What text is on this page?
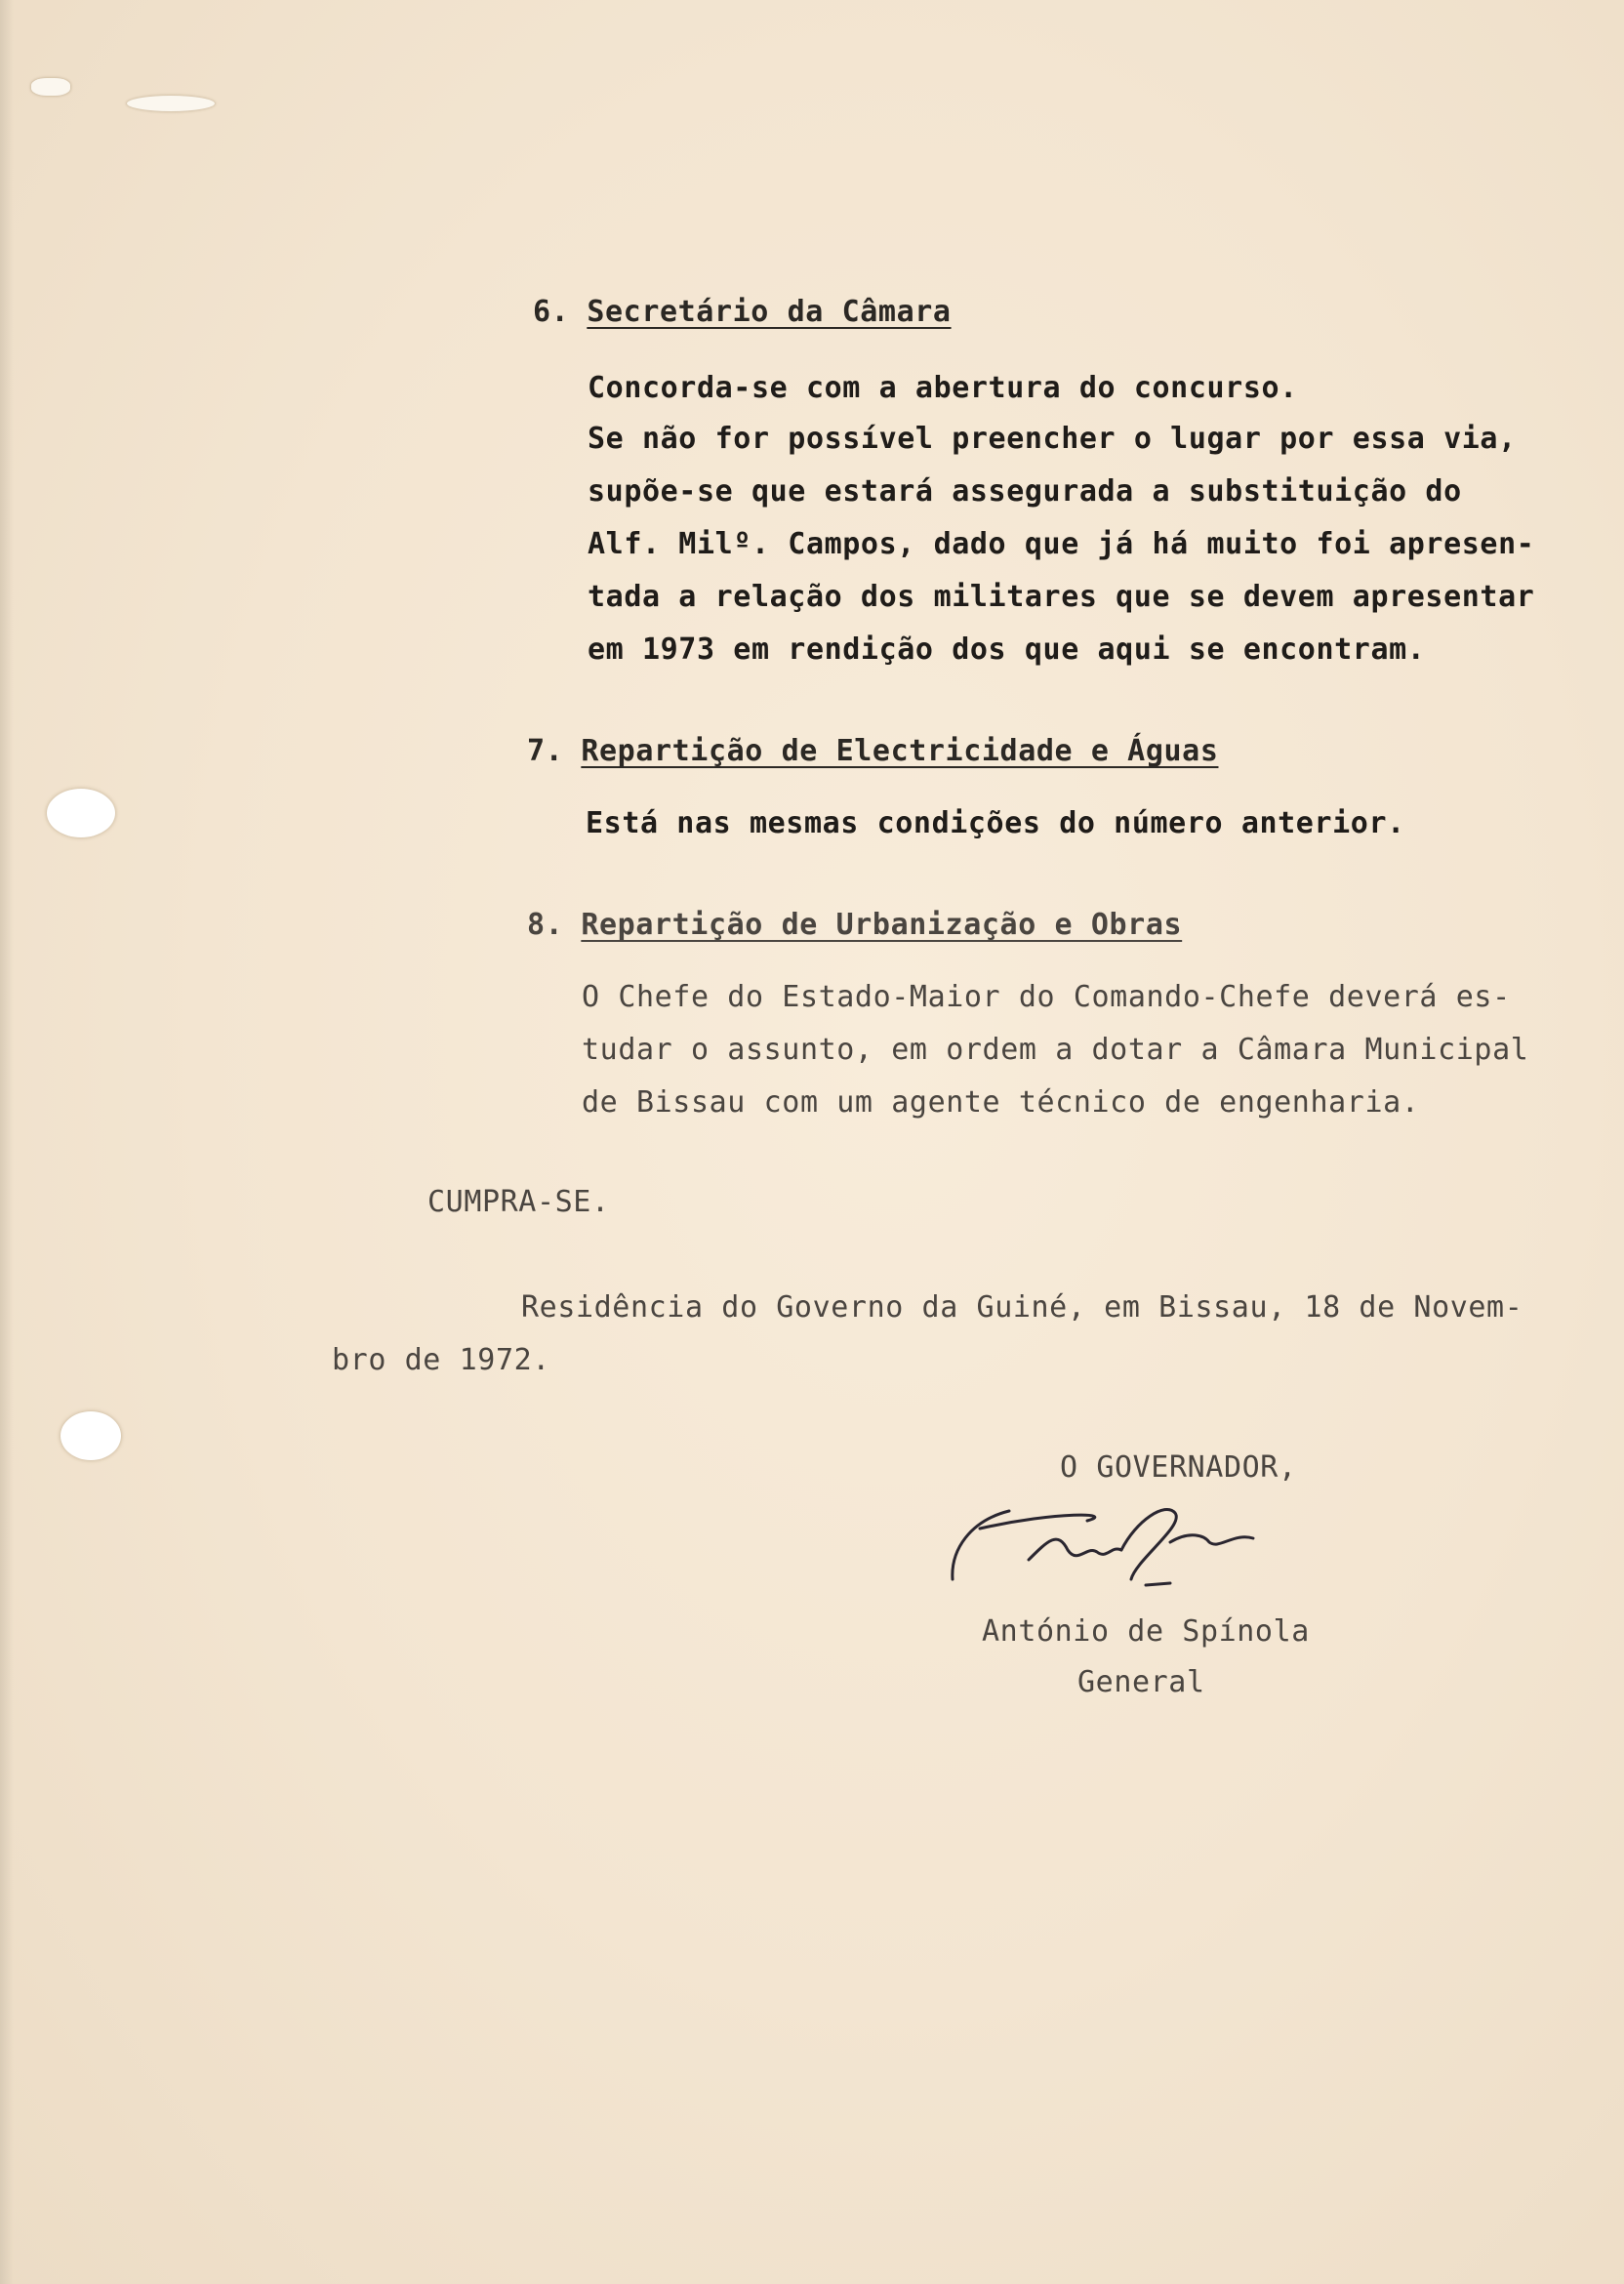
6. Secretário da Câmara
Concorda-se com a abertura do concurso.
Se não for possível preencher o lugar por essa via,
supõe-se que estará assegurada a substituição do
Alf. Milº. Campos, dado que já há muito foi apresen-
tada a relação dos militares que se devem apresentar
em 1973 em rendição dos que aqui se encontram.
7. Repartição de Electricidade e Águas
Está nas mesmas condições do número anterior.
8. Repartição de Urbanização e Obras
O Chefe do Estado-Maior do Comando-Chefe deverá es-
tudar o assunto, em ordem a dotar a Câmara Municipal
de Bissau com um agente técnico de engenharia.
CUMPRA-SE.
Residência do Governo da Guiné, em Bissau, 18 de Novem-
bro de 1972.
O GOVERNADOR,
António de Spínola
General
